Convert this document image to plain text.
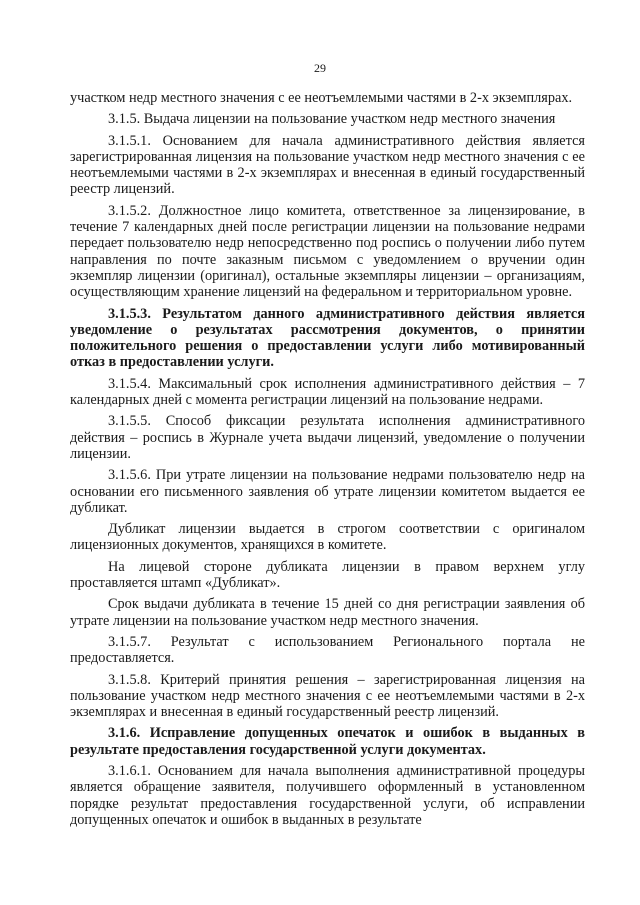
29

участком недр местного значения с ее неотъемлемыми частями в 2-х экземплярах.

3.1.5. Выдача лицензии на пользование участком недр местного значения

3.1.5.1. Основанием для начала административного действия является зарегистрированная лицензия на пользование участком недр местного значения с ее неотъемлемыми частями в 2-х экземплярах и внесенная в единый государственный реестр лицензий.

3.1.5.2. Должностное лицо комитета, ответственное за лицензирование, в течение 7 календарных дней после регистрации лицензии на пользование недрами передает пользователю недр непосредственно под роспись о получении либо путем направления по почте заказным письмом с уведомлением о вручении один экземпляр лицензии (оригинал), остальные экземпляры лицензии – организациям, осуществляющим хранение лицензий на федеральном и территориальном уровне.

3.1.5.3. Результатом данного административного действия является уведомление о результатах рассмотрения документов, о принятии положительного решения о предоставлении услуги либо мотивированный отказ в предоставлении услуги.

3.1.5.4. Максимальный срок исполнения административного действия – 7 календарных дней с момента регистрации лицензий на пользование недрами.

3.1.5.5. Способ фиксации результата исполнения административного действия – роспись в Журнале учета выдачи лицензий, уведомление о получении лицензии.

3.1.5.6. При утрате лицензии на пользование недрами пользователю недр на основании его письменного заявления об утрате лицензии комитетом выдается ее дубликат.

Дубликат лицензии выдается в строгом соответствии с оригиналом лицензионных документов, хранящихся в комитете.

На лицевой стороне дубликата лицензии в правом верхнем углу проставляется штамп «Дубликат».

Срок выдачи дубликата в течение 15 дней со дня регистрации заявления об утрате лицензии на пользование участком недр местного значения.

3.1.5.7. Результат с использованием Регионального портала не предоставляется.

3.1.5.8. Критерий принятия решения – зарегистрированная лицензия на пользование участком недр местного значения с ее неотъемлемыми частями в 2-х экземплярах и внесенная в единый государственный реестр лицензий.

3.1.6. Исправление допущенных опечаток и ошибок в выданных в результате предоставления государственной услуги документах.

3.1.6.1. Основанием для начала выполнения административной процедуры является обращение заявителя, получившего оформленный в установленном порядке результат предоставления государственной услуги, об исправлении допущенных опечаток и ошибок в выданных в результате
